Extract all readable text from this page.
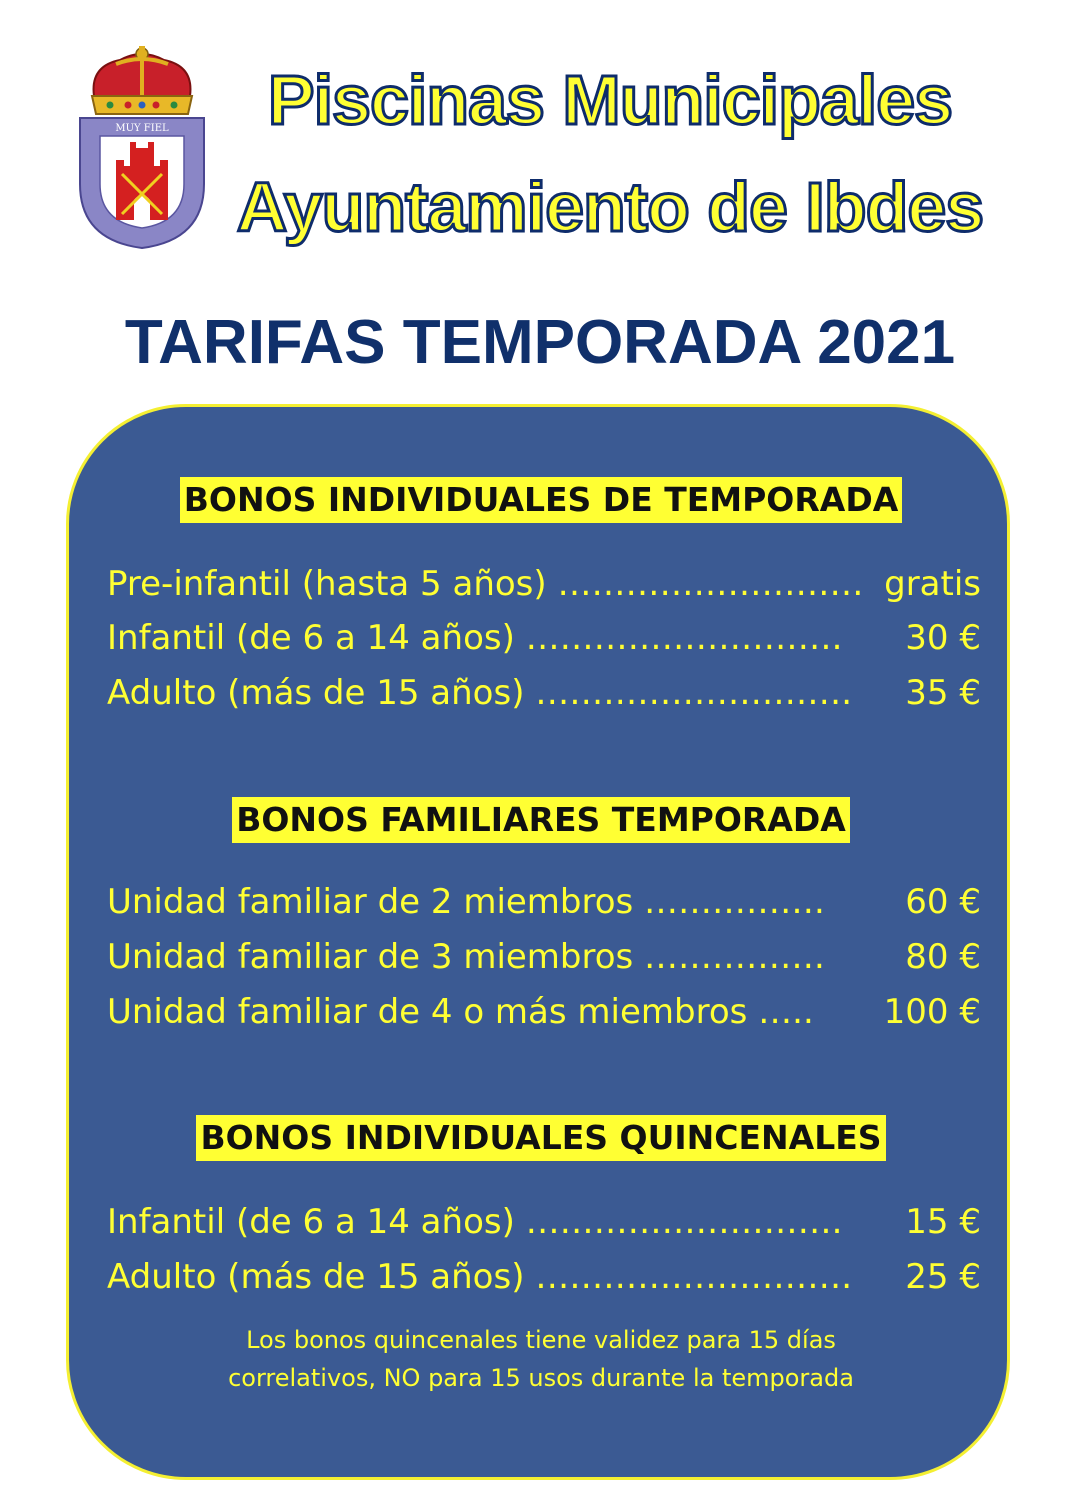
MUY FIEL	Piscinas Municipales
Ayuntamiento de Ibdes
TARIFAS TEMPORADA 2021
BONOS INDIVIDUALES DE TEMPORADA
Pre-infantil (hasta 5 años) ……………………… gratis
Infantil (de 6 a 14 años) ………………………. 30 €
Adulto (más de 15 años) ………………………. 35 €
BONOS FAMILIARES TEMPORADA
Unidad familiar de 2 miembros ……………. 60 €
Unidad familiar de 3 miembros ……………. 80 €
Unidad familiar de 4 o más miembros ….. 100 €
BONOS INDIVIDUALES QUINCENALES
Infantil (de 6 a 14 años) ………………………. 15 €
Adulto (más de 15 años) ………………………. 25 €
Los bonos quincenales tiene validez para 15 días
correlativos, NO para 15 usos durante la temporada
